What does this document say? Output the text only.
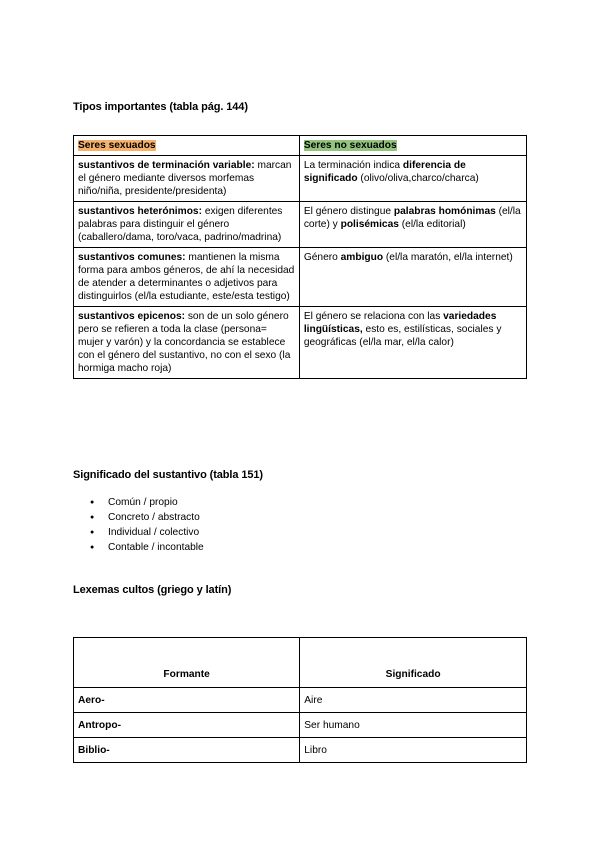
Tipos importantes (tabla pág. 144)
Seres sexuados	Seres no sexuados
sustantivos de terminación variable: marcan el género mediante diversos morfemas niño/niña, presidente/presidenta)	La terminación indica diferencia de significado (olivo/oliva,charco/charca)
sustantivos heterónimos: exigen diferentes palabras para distinguir el género (caballero/dama, toro/vaca, padrino/madrina)	El género distingue palabras homónimas (el/la corte) y polisémicas (el/la editorial)
sustantivos comunes: mantienen la misma forma para ambos géneros, de ahí la necesidad de atender a determinantes o adjetivos para distinguirlos (el/la estudiante, este/esta testigo)	Género ambiguo (el/la maratón, el/la internet)
sustantivos epicenos: son de un solo género pero se refieren a toda la clase (persona= mujer y varón) y la concordancia se establece con el género del sustantivo, no con el sexo (la hormiga macho roja)	El género se relaciona con las variedades lingüísticas, esto es, estilísticas, sociales y geográficas (el/la mar, el/la calor)
Significado del sustantivo (tabla 151)
● Común / propio
● Concreto / abstracto
● Individual / colectivo
● Contable / incontable
Lexemas cultos (griego y latín)
Formante	Significado
Aero-	Aire
Antropo-	Ser humano
Biblio-	Libro
